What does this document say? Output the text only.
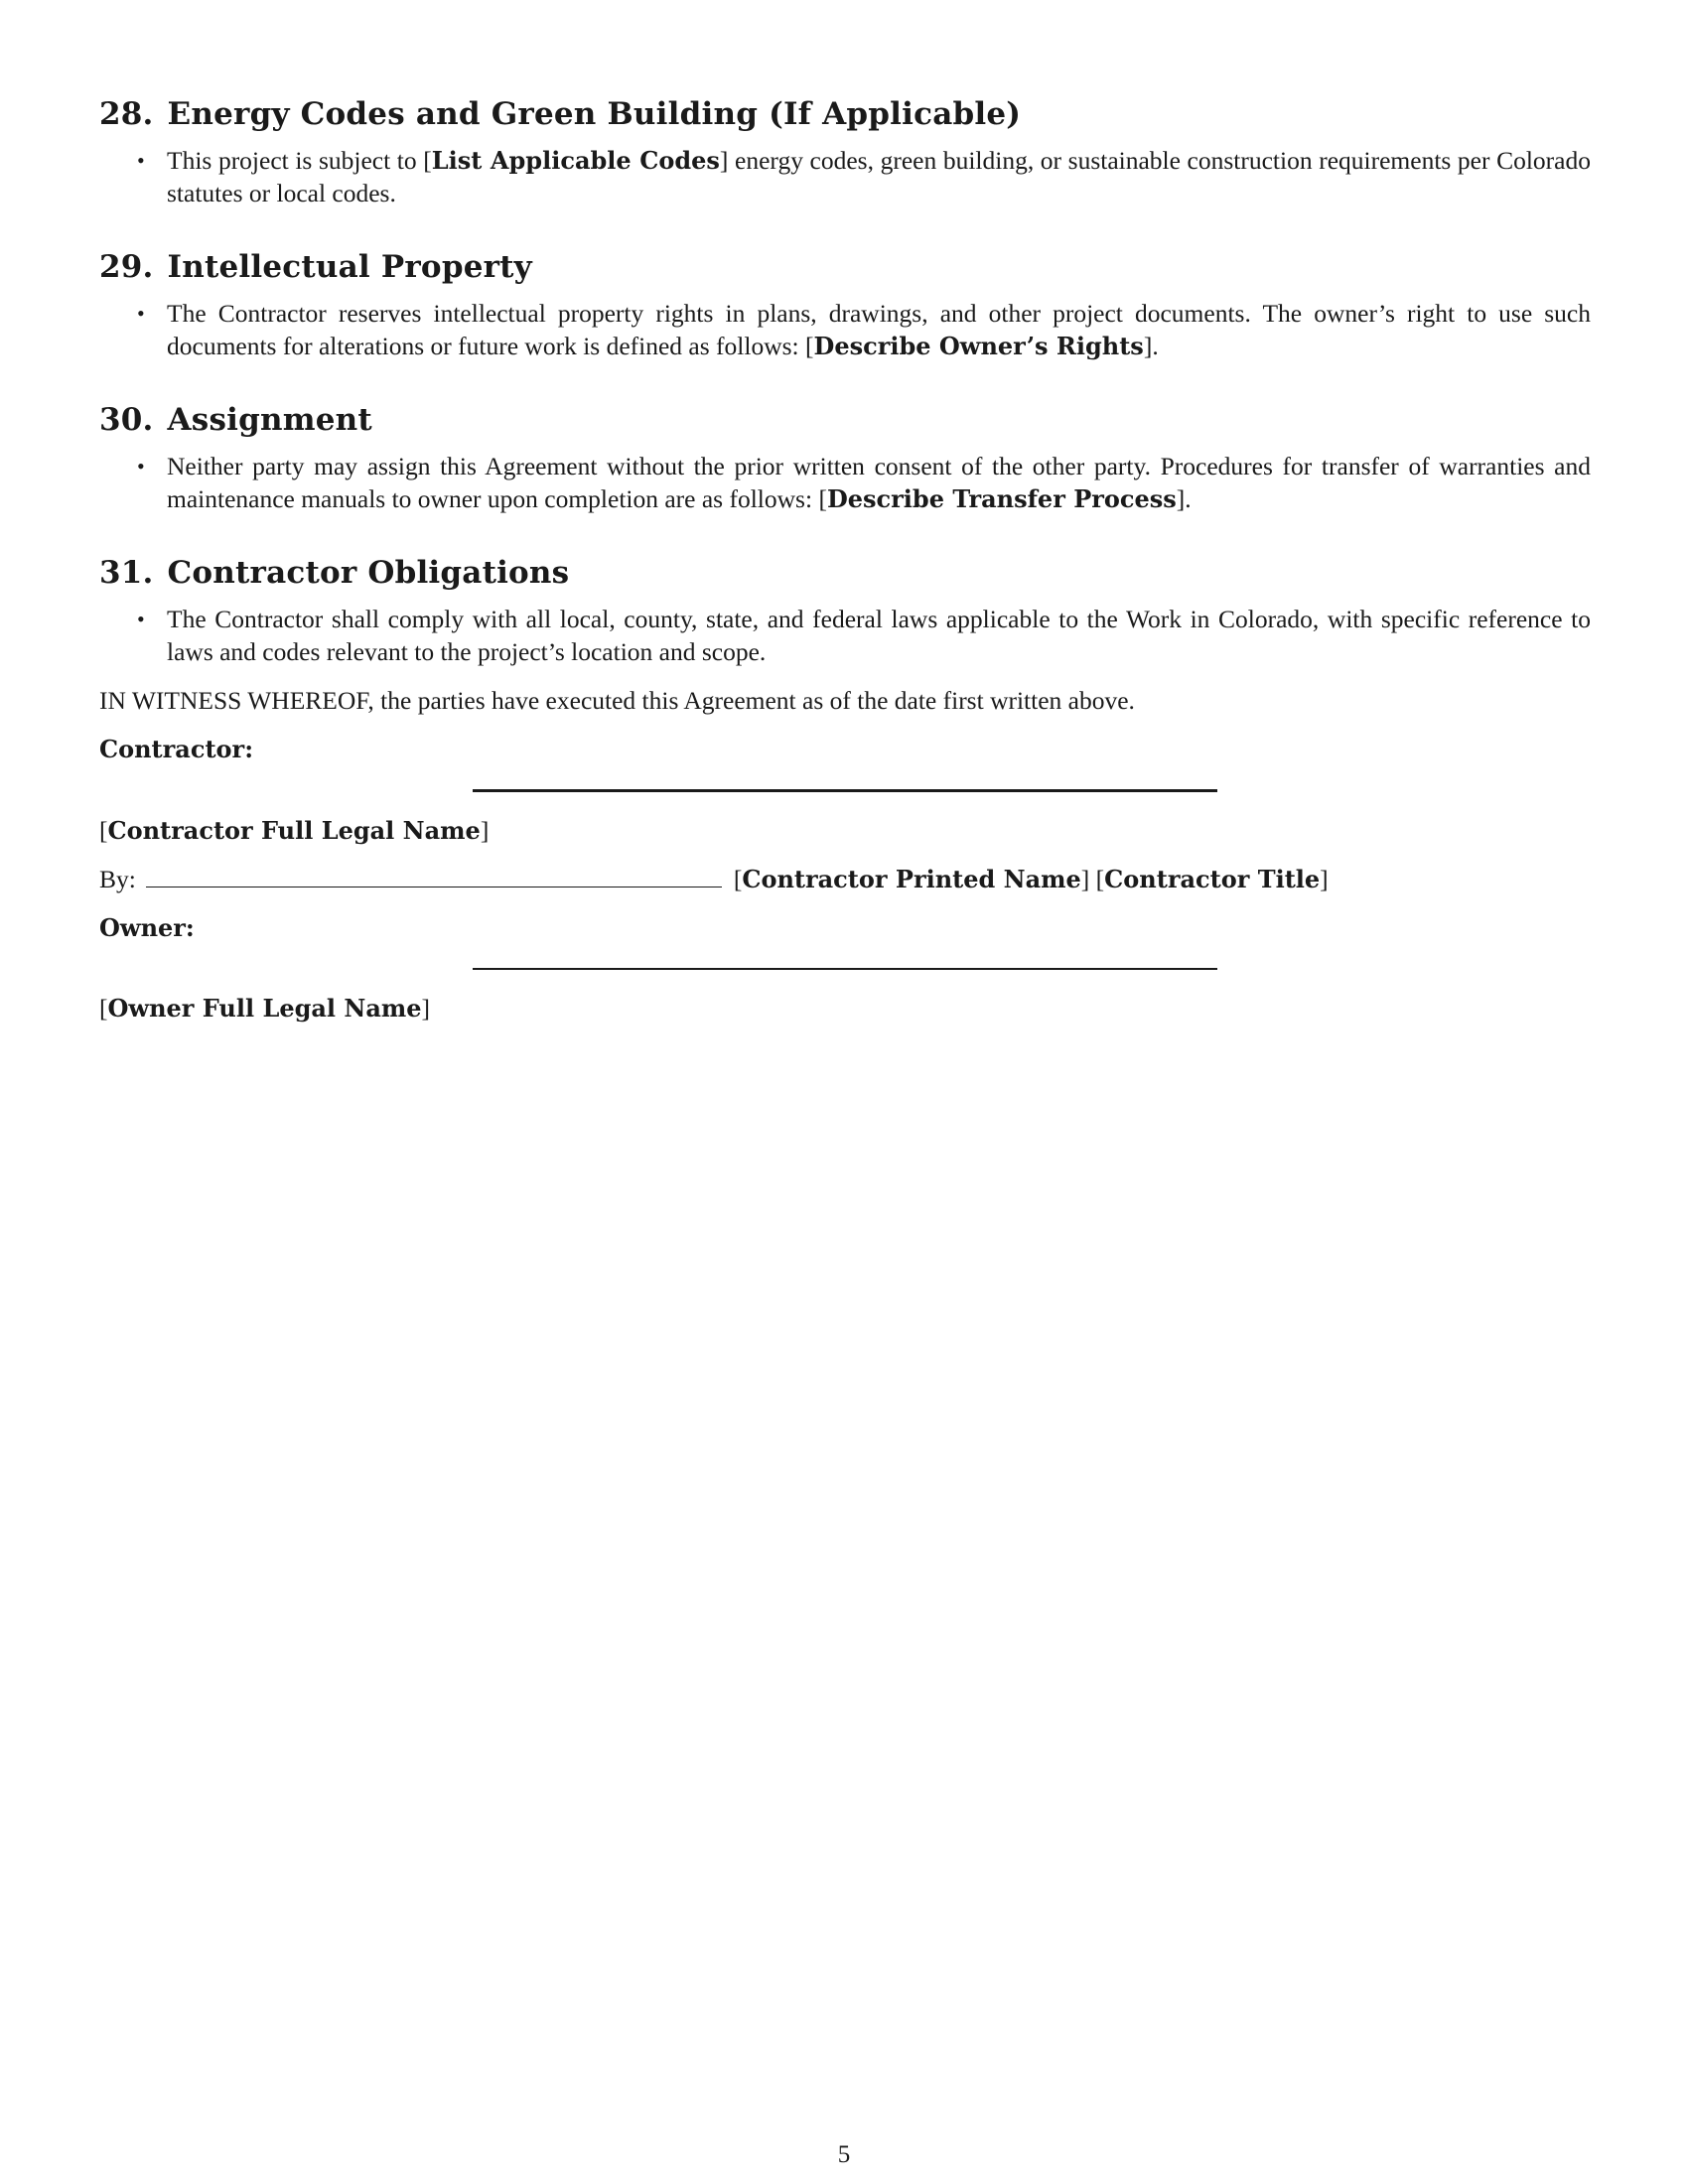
28. Energy Codes and Green Building (If Applicable)
• This project is subject to [List Applicable Codes] energy codes, green building, or sustainable construction requirements per Colorado statutes or local codes.
29. Intellectual Property
• The Contractor reserves intellectual property rights in plans, drawings, and other project documents. The owner’s right to use such documents for alterations or future work is defined as follows: [Describe Owner’s Rights].
30. Assignment
• Neither party may assign this Agreement without the prior written consent of the other party. Procedures for transfer of warranties and maintenance manuals to owner upon completion are as follows: [Describe Transfer Process].
31. Contractor Obligations
• The Contractor shall comply with all local, county, state, and federal laws applicable to the Work in Colorado, with specific reference to laws and codes relevant to the project’s location and scope.
IN WITNESS WHEREOF, the parties have executed this Agreement as of the date first written above.
Contractor:
[Contractor Full Legal Name]
By:	[ Contractor Printed Name ]
[ Contractor Title ]
Owner:
[Owner Full Legal Name]
5
